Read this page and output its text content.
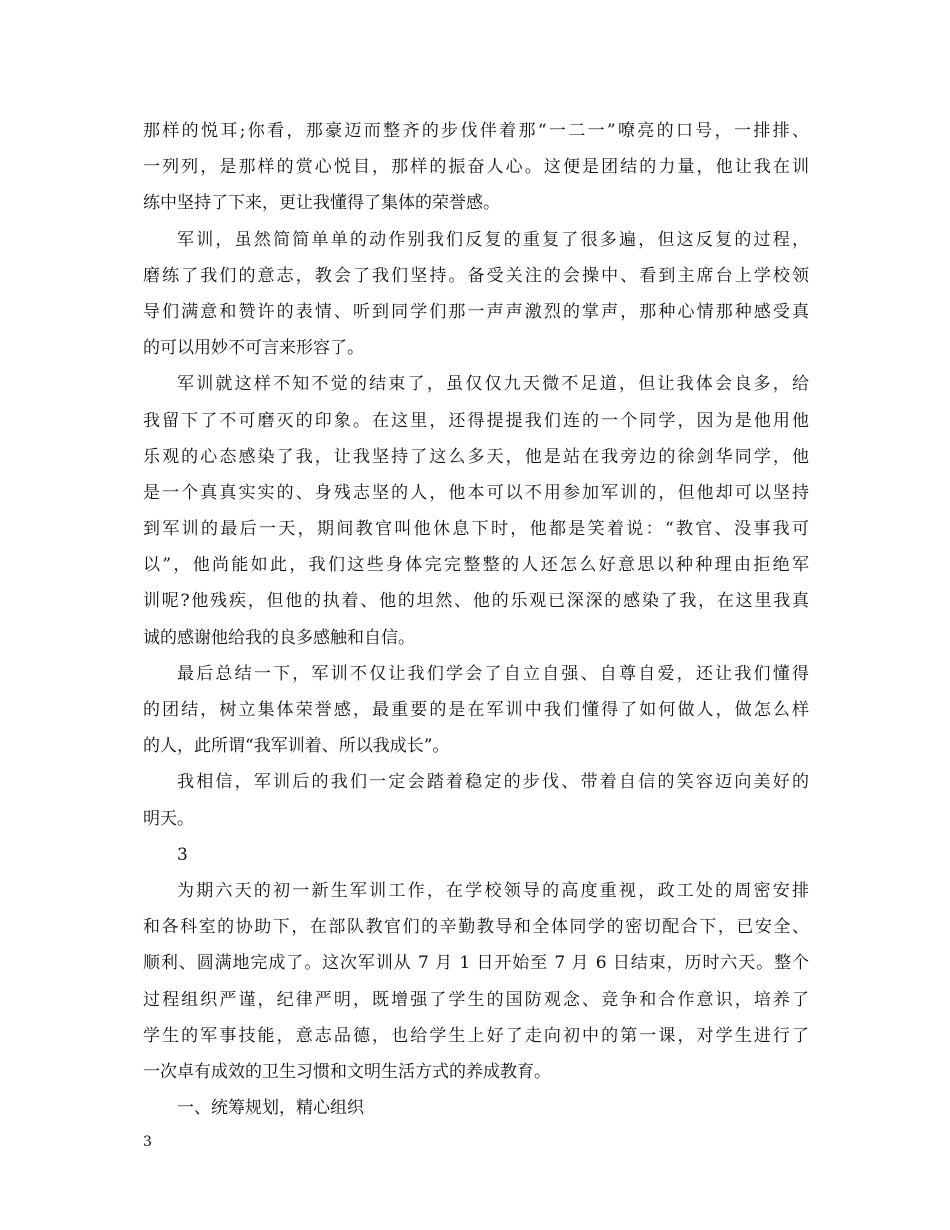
那样的悦耳;你看，那豪迈而整齐的步伐伴着那“一二一”嘹亮的口号，一排排、
一列列，是那样的赏心悦目，那样的振奋人心。这便是团结的力量，他让我在训
练中坚持了下来，更让我懂得了集体的荣誉感。
军训，虽然简简单单的动作别我们反复的重复了很多遍，但这反复的过程，
磨练了我们的意志，教会了我们坚持。备受关注的会操中、看到主席台上学校领
导们满意和赞许的表情、听到同学们那一声声激烈的掌声，那种心情那种感受真
的可以用妙不可言来形容了。
军训就这样不知不觉的结束了，虽仅仅九天微不足道，但让我体会良多，给
我留下了不可磨灭的印象。在这里，还得提提我们连的一个同学，因为是他用他
乐观的心态感染了我，让我坚持了这么多天，他是站在我旁边的徐剑华同学，他
是一个真真实实的、身残志坚的人，他本可以不用参加军训的，但他却可以坚持
到军训的最后一天，期间教官叫他休息下时，他都是笑着说：“教官、没事我可
以”，他尚能如此，我们这些身体完完整整的人还怎么好意思以种种理由拒绝军
训呢?他残疾，但他的执着、他的坦然、他的乐观已深深的感染了我，在这里我真
诚的感谢他给我的良多感触和自信。
最后总结一下，军训不仅让我们学会了自立自强、自尊自爱，还让我们懂得
的团结，树立集体荣誉感，最重要的是在军训中我们懂得了如何做人，做怎么样
的人，此所谓“我军训着、所以我成长”。
我相信，军训后的我们一定会踏着稳定的步伐、带着自信的笑容迈向美好的
明天。
3
为期六天的初一新生军训工作，在学校领导的高度重视，政工处的周密安排
和各科室的协助下，在部队教官们的辛勤教导和全体同学的密切配合下，已安全、
顺利、圆满地完成了。这次军训从 7 月 1 日开始至 7 月 6 日结束，历时六天。整个
过程组织严谨，纪律严明，既增强了学生的国防观念、竞争和合作意识，培养了
学生的军事技能，意志品德，也给学生上好了走向初中的第一课，对学生进行了
一次卓有成效的卫生习惯和文明生活方式的养成教育。
一、统筹规划，精心组织
3
